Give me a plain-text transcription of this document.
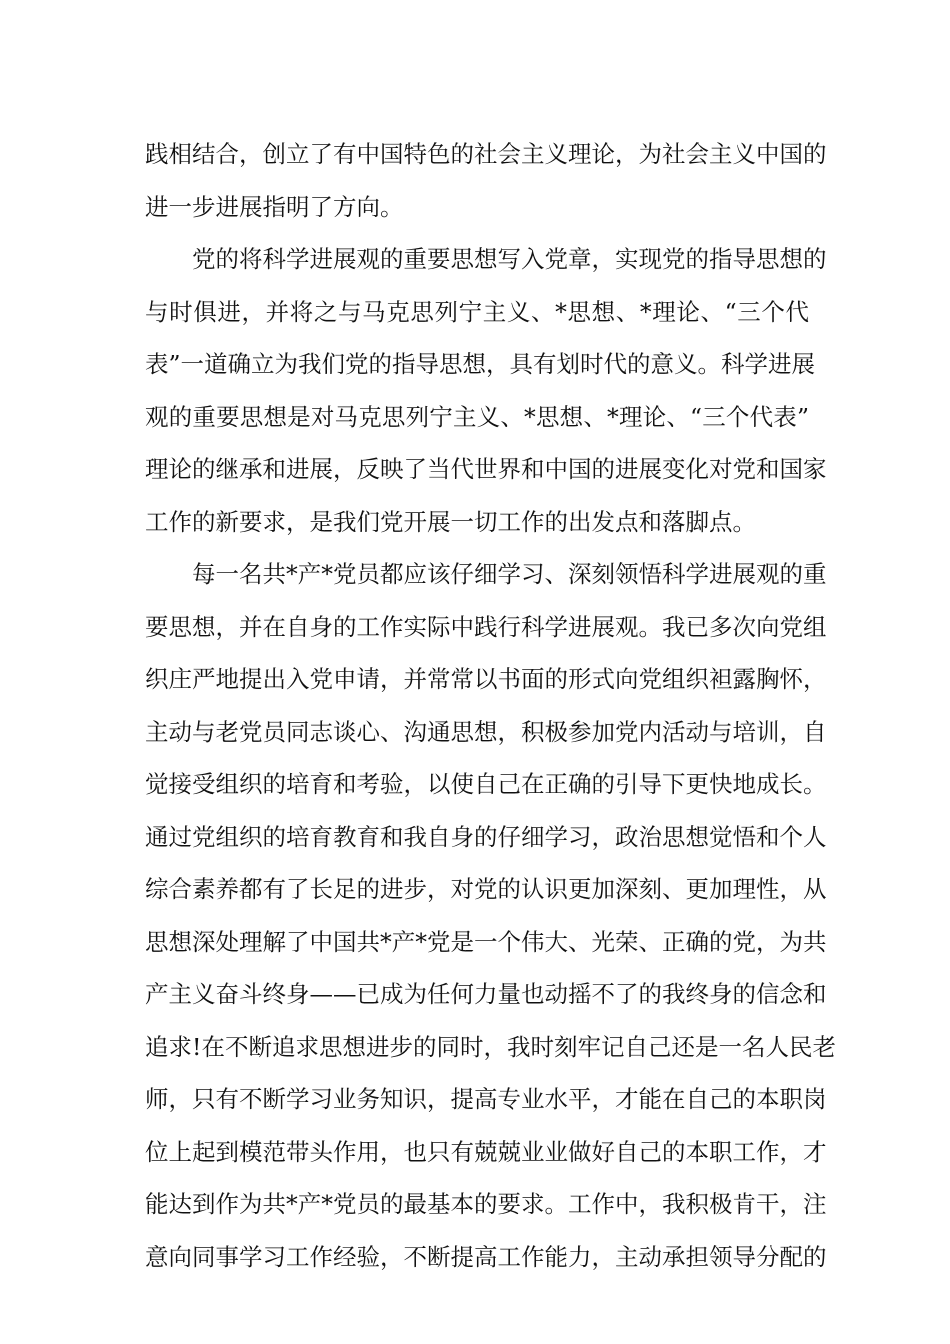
践相结合，创立了有中国特色的社会主义理论，为社会主义中国的
进一步进展指明了方向。
党的将科学进展观的重要思想写入党章，实现党的指导思想的
与时俱进，并将之与马克思列宁主义、*思想、*理论、“三个代
表”一道确立为我们党的指导思想，具有划时代的意义。科学进展
观的重要思想是对马克思列宁主义、*思想、*理论、“三个代表”
理论的继承和进展，反映了当代世界和中国的进展变化对党和国家
工作的新要求，是我们党开展一切工作的出发点和落脚点。
每一名共*产*党员都应该仔细学习、深刻领悟科学进展观的重
要思想，并在自身的工作实际中践行科学进展观。我已多次向党组
织庄严地提出入党申请，并常常以书面的形式向党组织袒露胸怀，
主动与老党员同志谈心、沟通思想，积极参加党内活动与培训，自
觉接受组织的培育和考验，以使自己在正确的引导下更快地成长。
通过党组织的培育教育和我自身的仔细学习，政治思想觉悟和个人
综合素养都有了长足的进步，对党的认识更加深刻、更加理性，从
思想深处理解了中国共*产*党是一个伟大、光荣、正确的党，为共
产主义奋斗终身——已成为任何力量也动摇不了的我终身的信念和
追求!在不断追求思想进步的同时，我时刻牢记自己还是一名人民老
师，只有不断学习业务知识，提高专业水平，才能在自己的本职岗
位上起到模范带头作用，也只有兢兢业业做好自己的本职工作，才
能达到作为共*产*党员的最基本的要求。工作中，我积极肯干，注
意向同事学习工作经验，不断提高工作能力，主动承担领导分配的
